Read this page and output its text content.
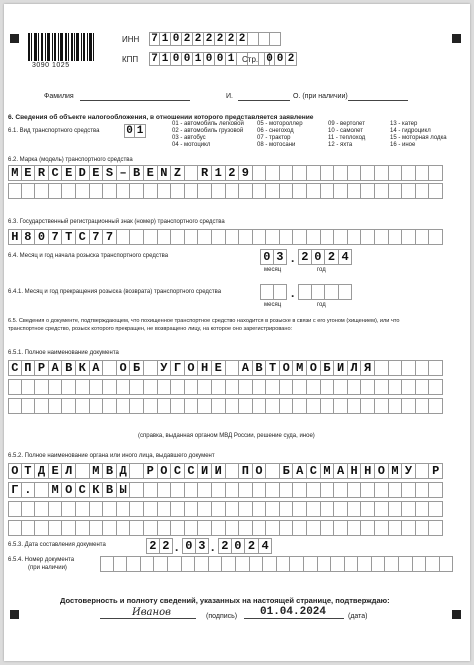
3090 1025
ИНН 7 1 0 2 2 2 2 2 2
КПП 7 1 0 0 1 0 0 1 Стр. 0 0 2
Фамилия	И.	О. (при наличии)
6. Сведения об объекте налогообложения, в отношении которого представляется заявление
6.1. Вид транспортного средства 0 1
01 - автомобиль легковой
02 - автомобиль грузовой
03 - автобус
04 - мотоцикл
05 - мотороллер
06 - снегоход
07 - трактор
08 - мотосани
09 - вертолет
10 - самолет
11 - теплоход
12 - яхта
13 - катер
14 - гидроцикл
15 - моторная лодка
16 - иное
6.2. Марка (модель) транспортного средства
M E R C E D E S – B E N Z	R 1 2 9
6.3. Государственный регистрационный знак (номер) транспортного средства
Н 8 0 7 Т С 7 7
6.4. Месяц и год начала розыска транспортного средства	0 3 . 2 0 2 4
месяц	год
6.4.1. Месяц и год прекращения розыска (возврата) транспортного средства	.
месяц	год
6.5. Сведения о документе, подтверждающем, что похищенное транспортное средство находится в розыске в связи с его угоном (хищением), или что
транспортное средство, розыск которого прекращен, не возвращено лицу, на которое оно зарегистрировано:
6.5.1. Полное наименование документа
С П Р А В К А	О Б	У Г О Н Е	А В Т О М О Б И Л Я
(справка, выданная органом МВД России, решение суда, иное)
6.5.2. Полное наименование органа или иного лица, выдавшего документ
О Т Д Е Л	М В Д	Р О С С И И	П О	Б А С М А Н Н О М У	Р
Г .	М О С К В Ы
6.5.3. Дата составления документа	2 2 . 0 3 . 2 0 2 4
6.5.4. Номер документа
(при наличии)
Достоверность и полноту сведений, указанных на настоящей странице, подтверждаю:
Иванов	(подпись) 01.04.2024	(дата)
